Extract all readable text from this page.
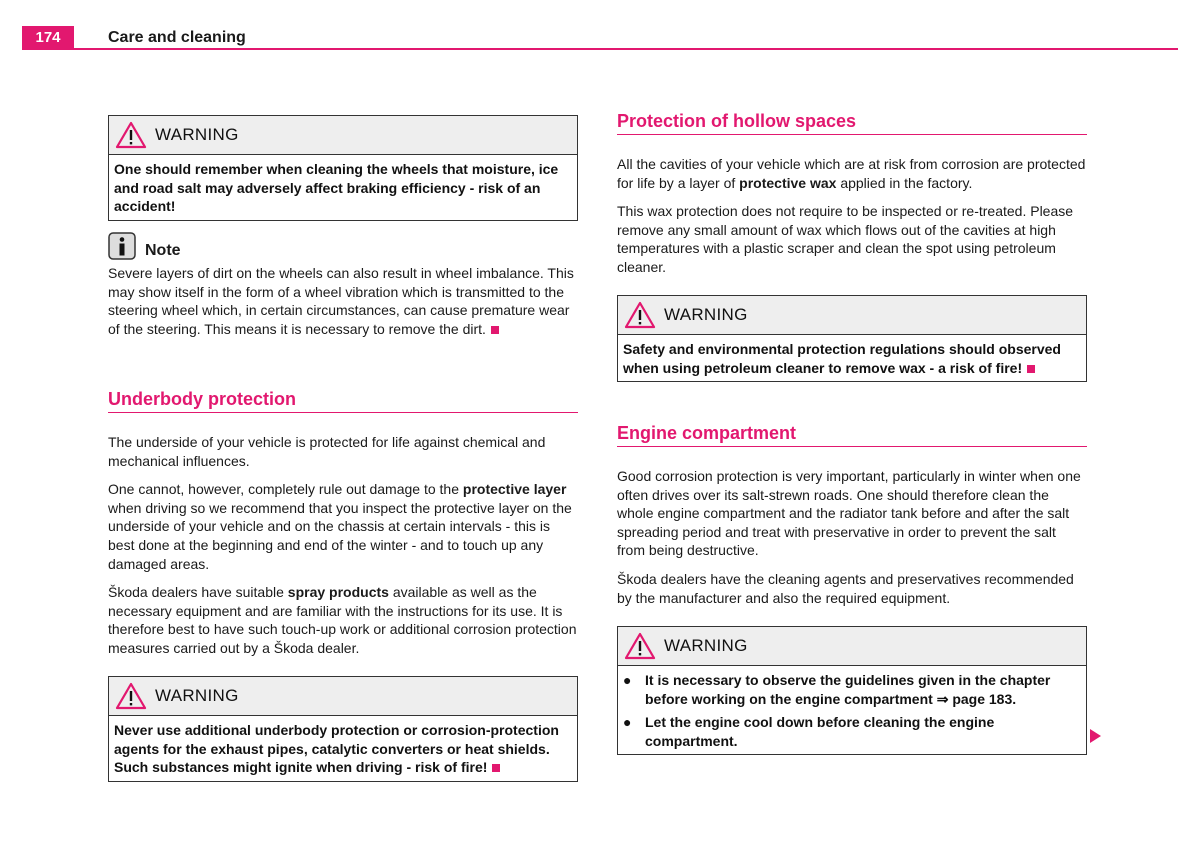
174	Care and cleaning
WARNING

One should remember when cleaning the wheels that moisture, ice and road salt may adversely affect braking efficiency - risk of an accident!

Note

Severe layers of dirt on the wheels can also result in wheel imbalance. This may show itself in the form of a wheel vibration which is transmitted to the steering wheel which, in certain circumstances, can cause premature wear of the steering. This means it is necessary to remove the dirt.

Underbody protection

The underside of your vehicle is protected for life against chemical and mechanical influences.

One cannot, however, completely rule out damage to the protective layer when driving so we recommend that you inspect the protective layer on the underside of your vehicle and on the chassis at certain intervals - this is best done at the beginning and end of the winter - and to touch up any damaged areas.

Škoda dealers have suitable spray products available as well as the necessary equipment and are familiar with the instructions for its use. It is therefore best to have such touch-up work or additional corrosion protection measures carried out by a Škoda dealer.

WARNING

Never use additional underbody protection or corrosion-protection agents for the exhaust pipes, catalytic converters or heat shields. Such substances might ignite when driving - risk of fire!

Protection of hollow spaces

All the cavities of your vehicle which are at risk from corrosion are protected for life by a layer of protective wax applied in the factory.

This wax protection does not require to be inspected or re-treated. Please remove any small amount of wax which flows out of the cavities at high temperatures with a plastic scraper and clean the spot using petroleum cleaner.

WARNING

Safety and environmental protection regulations should observed when using petroleum cleaner to remove wax - a risk of fire!

Engine compartment

Good corrosion protection is very important, particularly in winter when one often drives over its salt-strewn roads. One should therefore clean the whole engine compartment and the radiator tank before and after the salt spreading period and treat with preservative in order to prevent the salt from being destructive.

Škoda dealers have the cleaning agents and preservatives recommended by the manufacturer and also the required equipment.

WARNING
● It is necessary to observe the guidelines given in the chapter before working on the engine compartment ⇒ page 183.
● Let the engine cool down before cleaning the engine compartment.
